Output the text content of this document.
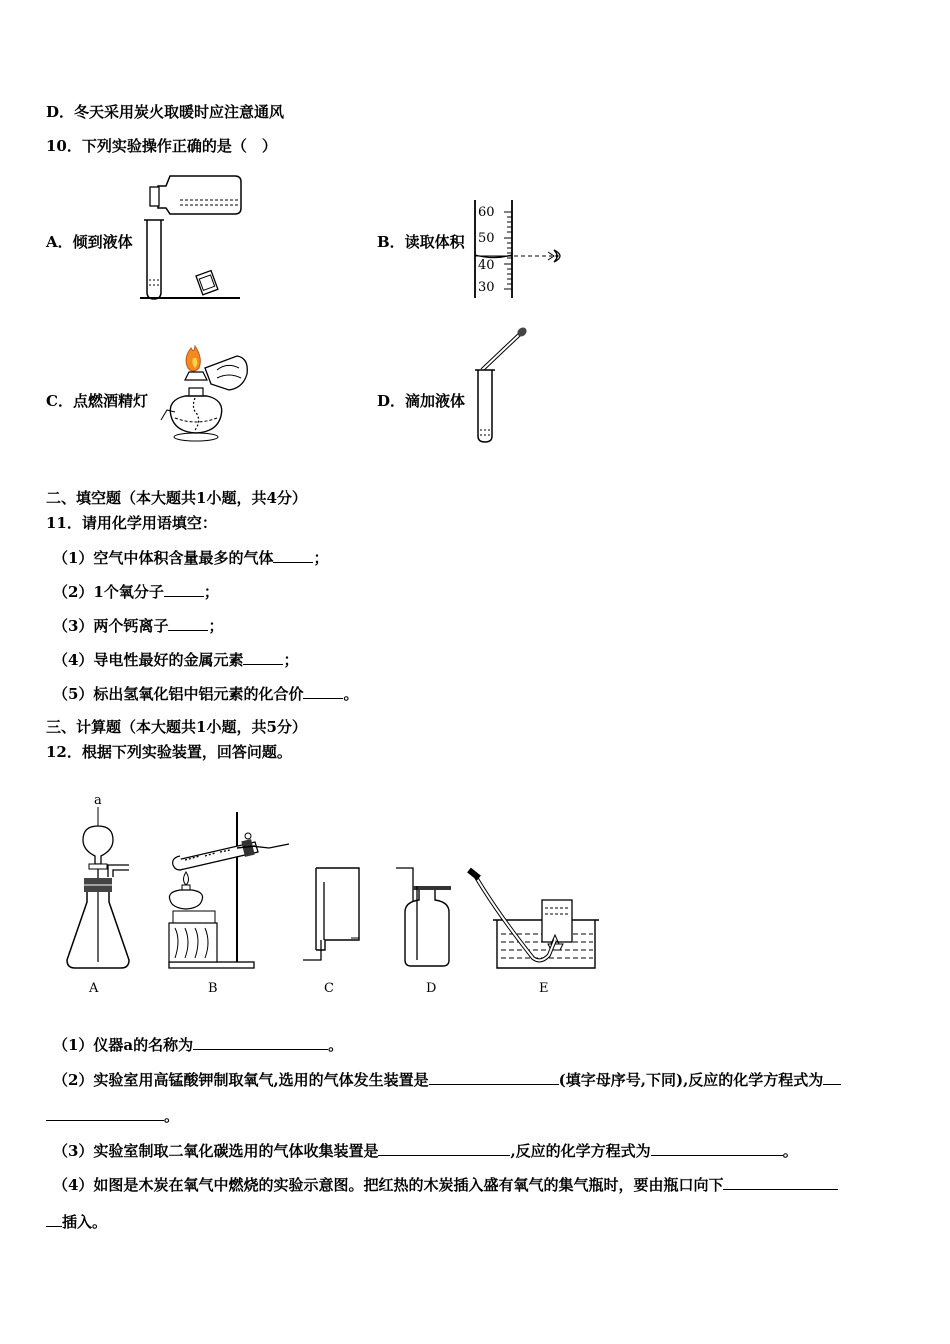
D．冬天采用炭火取暖时应注意通风
10．下列实验操作正确的是（　）
A．倾到液体	B．读取体积
C．点燃酒精灯	D．滴加液体
60
50
40
30
二、填空题（本大题共1小题，共4分）
11．请用化学用语填空：
（1）空气中体积含量最多的气体	；
（2）1个氧分子	；
（3）两个钙离子	；
（4）导电性最好的金属元素	；
（5）标出氢氧化铝中铝元素的化合价	。
三、计算题（本大题共1小题，共5分）
12．根据下列实验装置，回答问题。
a
A	B	C	D	E
（1）仪器a的名称为	。
（2）实验室用高锰酸钾制取氧气,选用的气体发生装置是	(填字母序号,下同),反应的化学方程式为
。
（3）实验室制取二氧化碳选用的气体收集装置是	,反应的化学方程式为	。
（4）如图是木炭在氧气中燃烧的实验示意图。把红热的木炭插入盛有氧气的集气瓶时，要由瓶口向下
插入。
